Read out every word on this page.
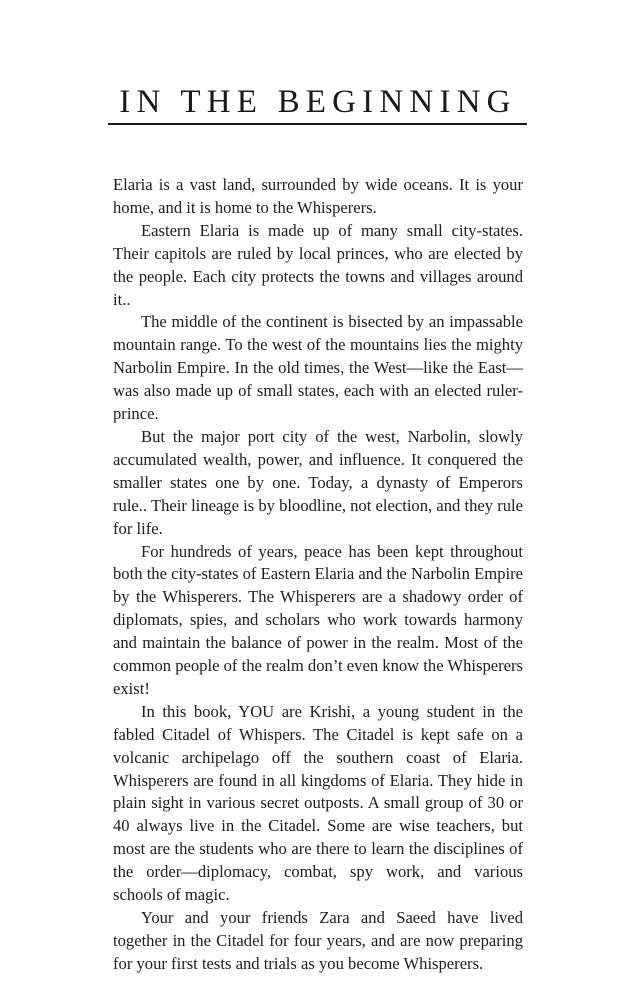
IN THE BEGINNING

Elaria is a vast land, surrounded by wide oceans. It is your home, and it is home to the Whisperers.

Eastern Elaria is made up of many small city-states. Their capitols are ruled by local princes, who are elected by the people. Each city protects the towns and villages around it..

The middle of the continent is bisected by an impassable mountain range. To the west of the mountains lies the mighty Narbolin Empire. In the old times, the West—like the East—was also made up of small states, each with an elected ruler-prince.

But the major port city of the west, Narbolin, slowly accumulated wealth, power, and influence. It conquered the smaller states one by one. Today, a dynasty of Emperors rule.. Their lineage is by bloodline, not election, and they rule for life.

For hundreds of years, peace has been kept throughout both the city-states of Eastern Elaria and the Narbolin Empire by the Whisperers. The Whisperers are a shadowy order of diplomats, spies, and scholars who work towards harmony and maintain the balance of power in the realm. Most of the common people of the realm don’t even know the Whisperers exist!

In this book, YOU are Krishi, a young student in the fabled Citadel of Whispers. The Citadel is kept safe on a volcanic archipelago off the southern coast of Elaria. Whisperers are found in all kingdoms of Elaria. They hide in plain sight in various secret outposts. A small group of 30 or 40 always live in the Citadel. Some are wise teachers, but most are the students who are there to learn the disciplines of the order—diplomacy, combat, spy work, and various schools of magic.

Your and your friends Zara and Saeed have lived together in the Citadel for four years, and are now preparing for your first tests and trials as you become Whisperers.
